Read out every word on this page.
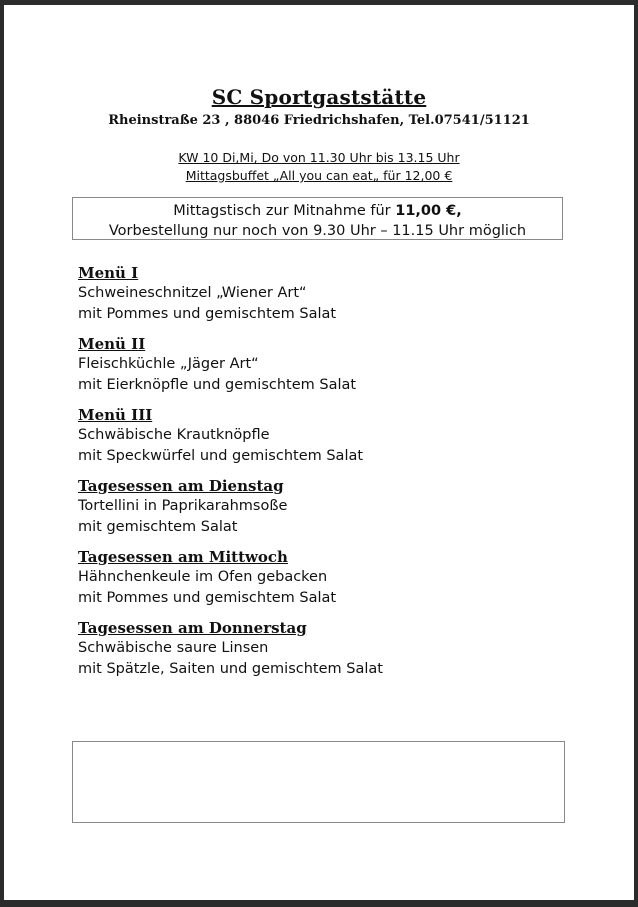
SC Sportgaststätte
Rheinstraße 23 , 88046 Friedrichshafen, Tel.07541/51121
KW 10 Di,Mi, Do von 11.30 Uhr bis 13.15 Uhr
Mittagsbuffet „All you can eat„ für 12,00 €
Mittagstisch zur Mitnahme für 11,00 €,
Vorbestellung nur noch von 9.30 Uhr – 11.15 Uhr möglich
Menü I
Schweineschnitzel „Wiener Art“
mit Pommes und gemischtem Salat
Menü II
Fleischküchle „Jäger Art“
mit Eierknöpfle und gemischtem Salat
Menü III
Schwäbische Krautknöpfle
mit Speckwürfel und gemischtem Salat
Tagesessen am Dienstag
Tortellini in Paprikarahmsoße
mit gemischtem Salat
Tagesessen am Mittwoch
Hähnchenkeule im Ofen gebacken
mit Pommes und gemischtem Salat
Tagesessen am Donnerstag
Schwäbische saure Linsen
mit Spätzle, Saiten und gemischtem Salat
